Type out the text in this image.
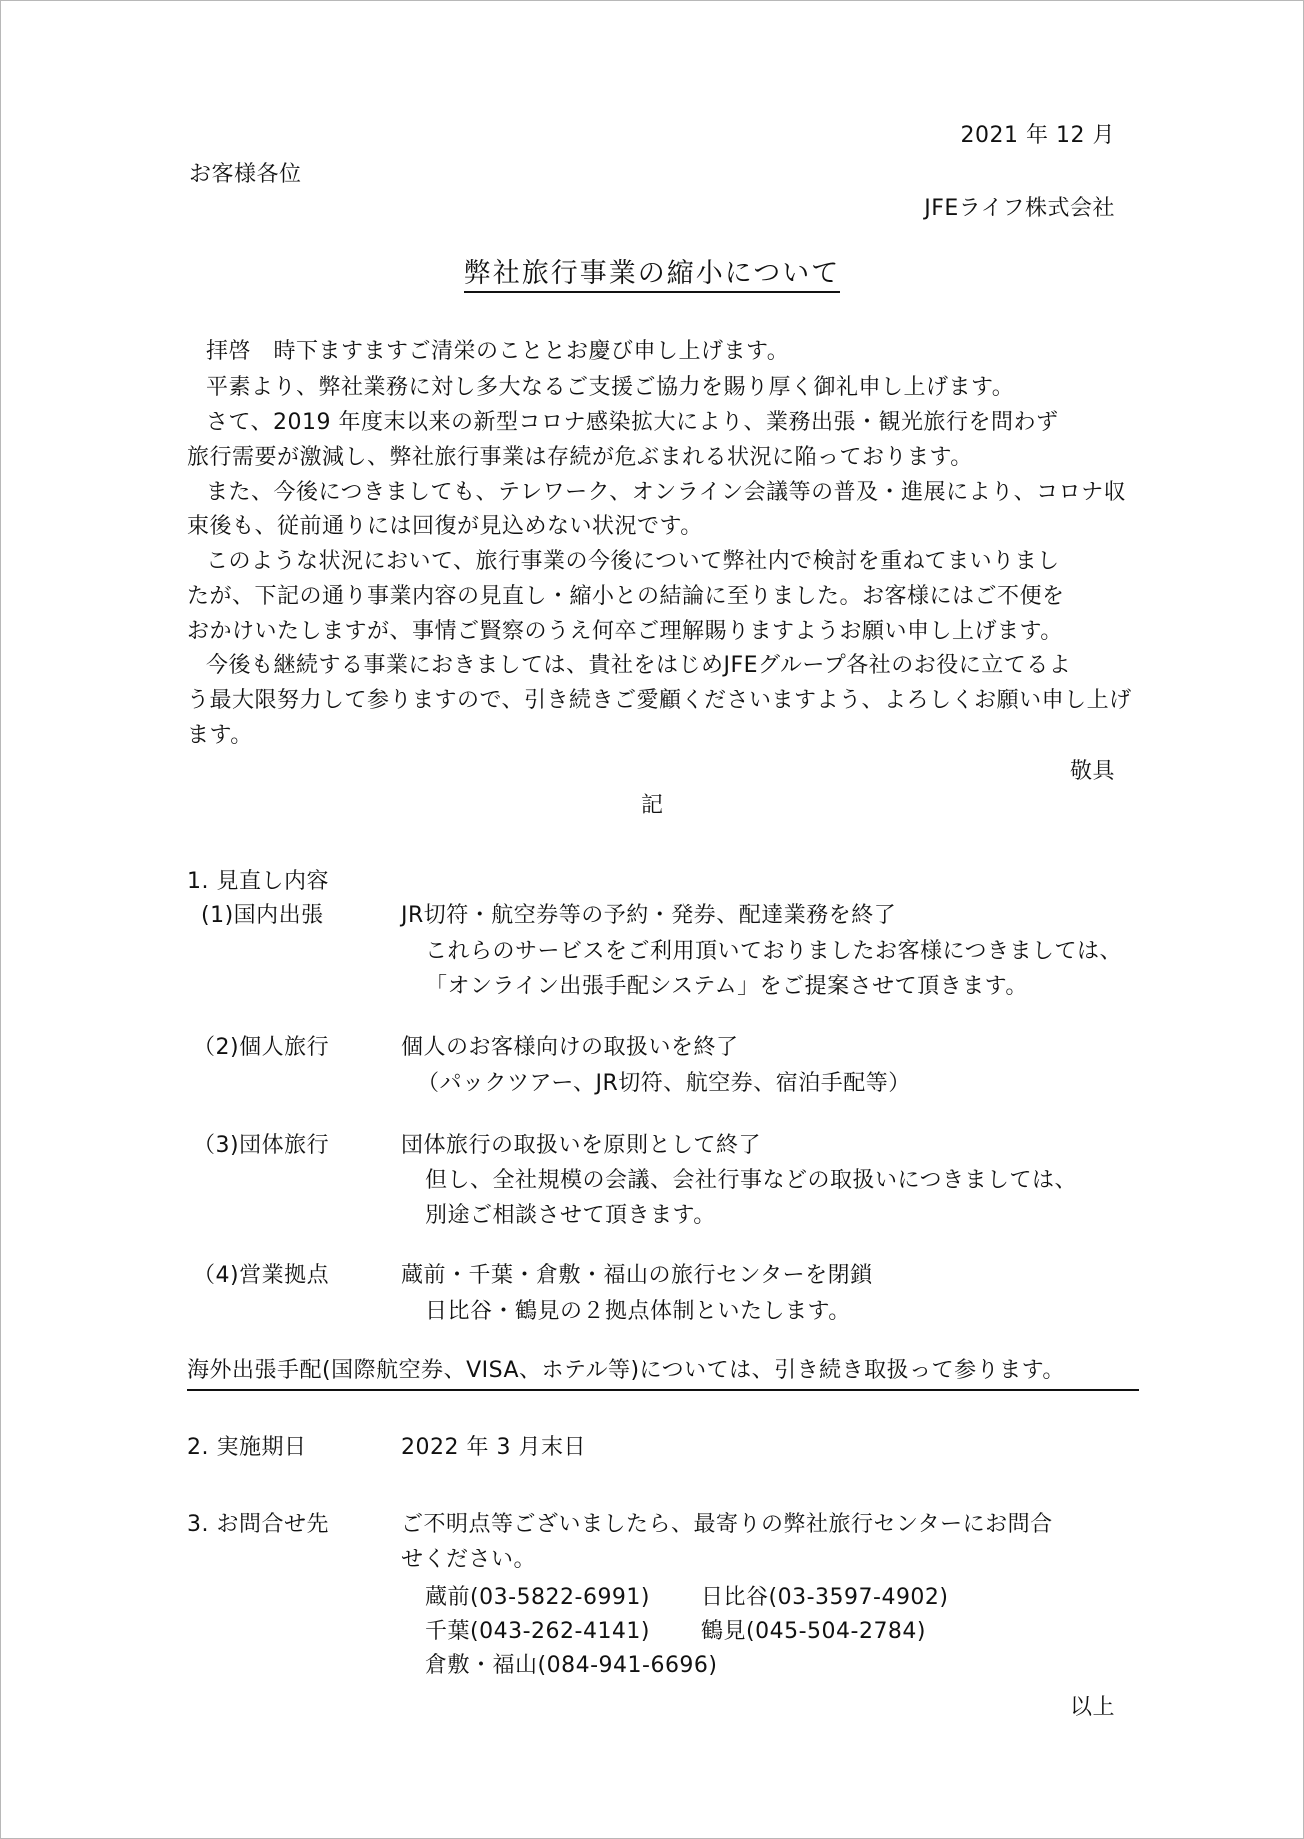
2021 年 12 月
お客様各位
JFEライフ株式会社
弊社旅行事業の縮小について
拝啓　時下ますますご清栄のこととお慶び申し上げます。
平素より、弊社業務に対し多大なるご支援ご協力を賜り厚く御礼申し上げます。
さて、2019 年度末以来の新型コロナ感染拡大により、業務出張・観光旅行を問わず
旅行需要が激減し、弊社旅行事業は存続が危ぶまれる状況に陥っております。
また、今後につきましても、テレワーク、オンライン会議等の普及・進展により、コロナ収
束後も、従前通りには回復が見込めない状況です。
このような状況において、旅行事業の今後について弊社内で検討を重ねてまいりまし
たが、下記の通り事業内容の見直し・縮小との結論に至りました。お客様にはご不便を
おかけいたしますが、事情ご賢察のうえ何卒ご理解賜りますようお願い申し上げます。
今後も継続する事業におきましては、貴社をはじめJFEグループ各社のお役に立てるよ
う最大限努力して参りますので、引き続きご愛顧くださいますよう、よろしくお願い申し上げ
ます。
敬具
記
1. 見直し内容
(1)国内出張	JR切符・航空券等の予約・発券、配達業務を終了
これらのサービスをご利用頂いておりましたお客様につきましては、
「オンライン出張手配システム」をご提案させて頂きます。
（2)個人旅行	個人のお客様向けの取扱いを終了
（パックツアー、JR切符、航空券、宿泊手配等）
（3)団体旅行	団体旅行の取扱いを原則として終了
但し、全社規模の会議、会社行事などの取扱いにつきましては、
別途ご相談させて頂きます。
（4)営業拠点	蔵前・千葉・倉敷・福山の旅行センターを閉鎖
日比谷・鶴見の２拠点体制といたします。
海外出張手配(国際航空券、VISA、ホテル等)については、引き続き取扱って参ります。
2. 実施期日	2022 年 3 月末日
3. お問合せ先	ご不明点等ございましたら、最寄りの弊社旅行センターにお問合
せください。
蔵前(03-5822-6991) 日比谷(03-3597-4902)
千葉(043-262-4141) 鶴見(045-504-2784)
倉敷・福山(084-941-6696)
以上
